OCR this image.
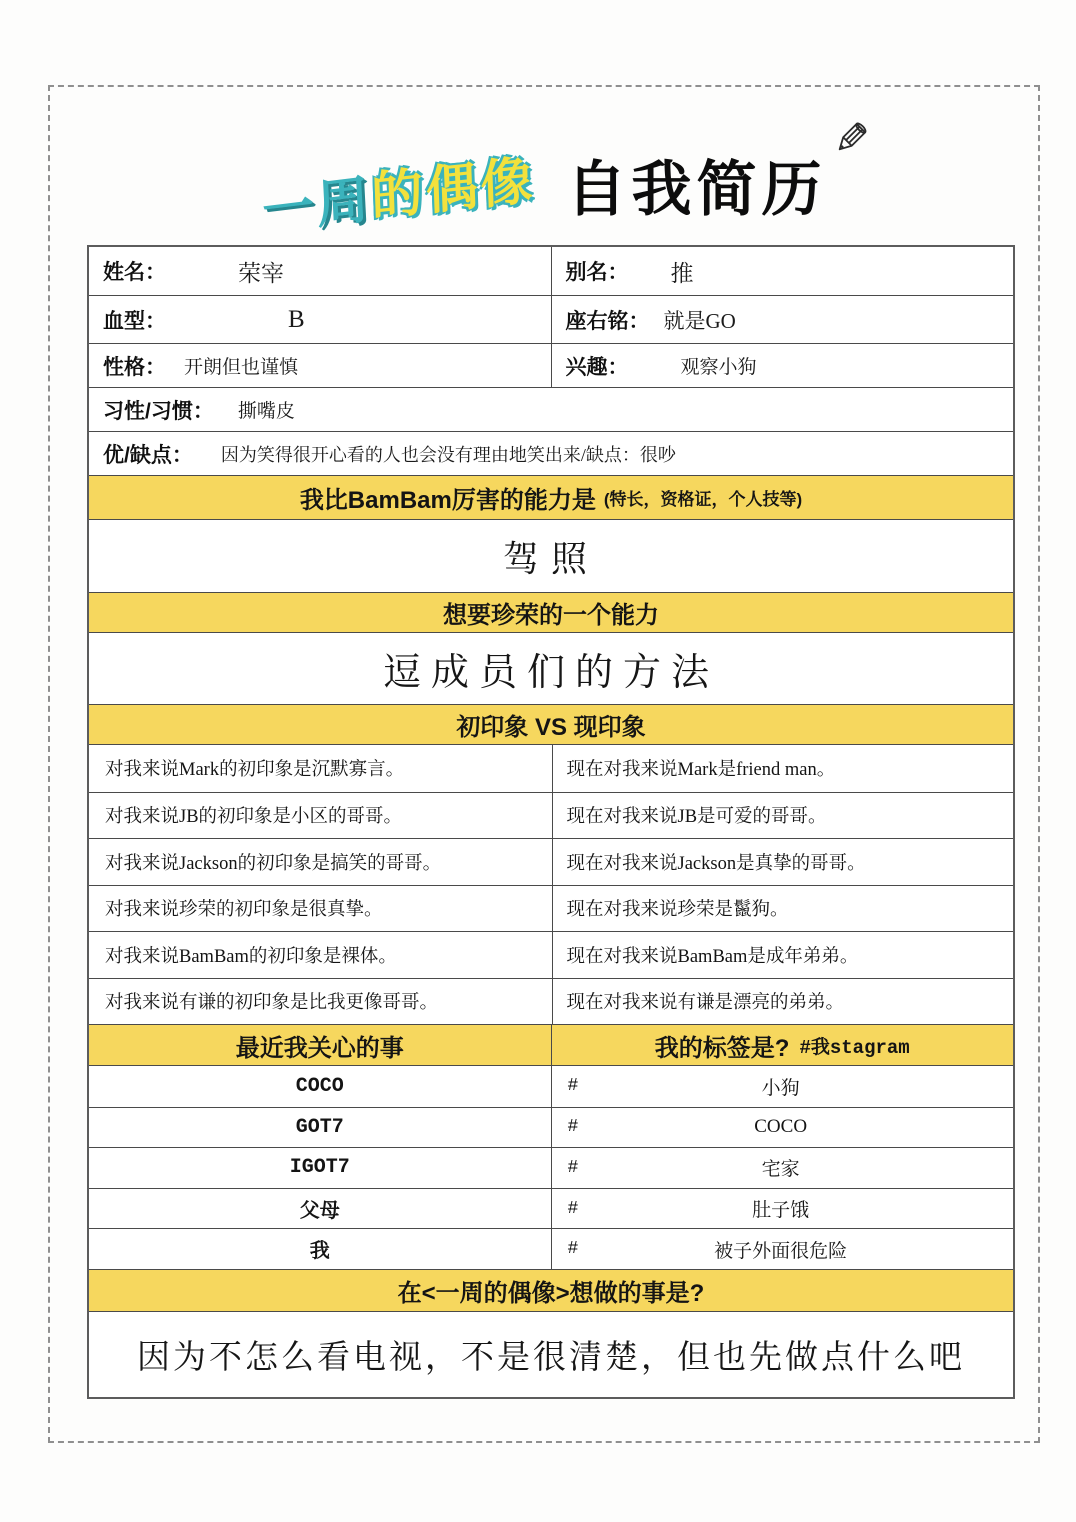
一周的偶像 自我简历
姓名：	荣宰	别名： 推
血型：	B	座右铭： 就是GO
性格： 开朗但也谨慎	兴趣：	观察小狗
习性/习惯： 撕嘴皮
优/缺点： 因为笑得很开心看的人也会没有理由地笑出来/缺点：很吵
我比BamBam厉害的能力是 (特长，资格证，个人技等)
驾照
想要珍荣的一个能力
逗成员们的方法
初印象 VS 现印象
对我来说Mark的初印象是沉默寡言。	现在对我来说Mark是friend man。
对我来说JB的初印象是小区的哥哥。	现在对我来说JB是可爱的哥哥。
对我来说Jackson的初印象是搞笑的哥哥。	现在对我来说Jackson是真挚的哥哥。
对我来说珍荣的初印象是很真挚。	现在对我来说珍荣是鬣狗。
对我来说BamBam的初印象是裸体。	现在对我来说BamBam是成年弟弟。
对我来说有谦的初印象是比我更像哥哥。	现在对我来说有谦是漂亮的弟弟。
最近我关心的事	我的标签是? #我stagram
COCO	#	小狗
GOT7	#	COCO
IGOT7	#	宅家
父母	#	肚子饿
我	#	被子外面很危险
在<一周的偶像>想做的事是?
因为不怎么看电视，不是很清楚，但也先做点什么吧
